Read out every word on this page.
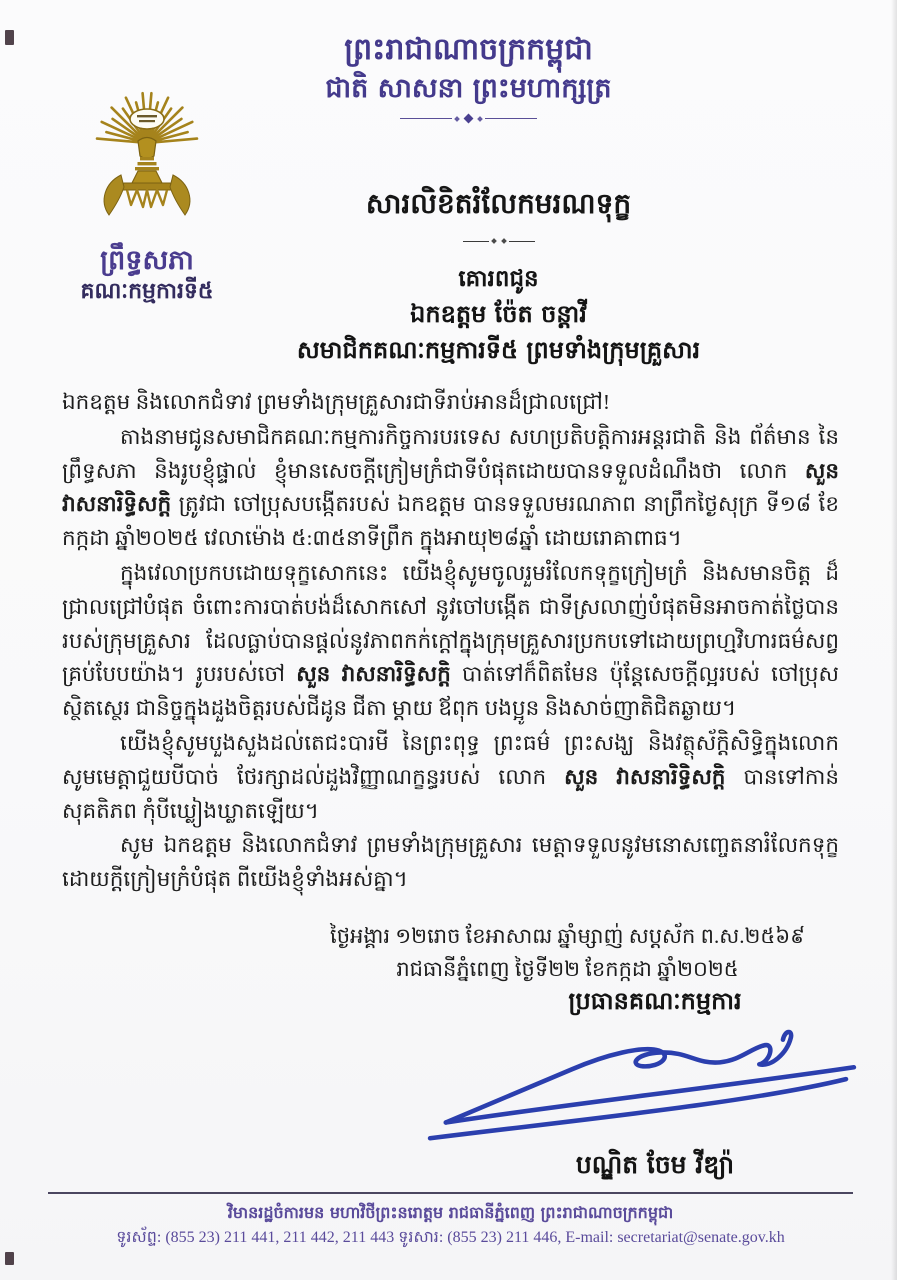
ព្រះរាជាណាចក្រកម្ពុជា
ជាតិ សាសនា ព្រះមហាក្សត្រ
ព្រឹទ្ធសភា
គណៈកម្មការទី៥
សារលិខិតរំលែកមរណទុក្ខ
គោរពជូន
ឯកឧត្តម ច៉ែត ចន្ដាវី
សមាជិកគណៈកម្មការទី៥ ព្រមទាំងក្រុមគ្រួសារ

ឯកឧត្តម និងលោកជំទាវ ព្រមទាំងក្រុមគ្រួសារជាទីរាប់អានដ៏ជ្រាលជ្រៅ!

តាងនាមជូនសមាជិកគណៈកម្មការកិច្ចការបរទេស សហប្រតិបត្តិការអន្តរជាតិ និង ព័ត៌មាន នៃព្រឹទ្ធសភា និងរូបខ្ញុំផ្ទាល់ ខ្ញុំមានសេចក្តីក្រៀមក្រំជាទីបំផុតដោយបានទទួលដំណឹងថា លោក សួន វាសនារិទ្ធិសក្តិ ត្រូវជា ចៅប្រុសបង្កើតរបស់ ឯកឧត្តម បានទទួលមរណភាព នាព្រឹកថ្ងៃសុក្រ ទី១៨ ខែកក្កដា ឆ្នាំ២០២៥ វេលាម៉ោង ៥:៣៥នាទីព្រឹក ក្នុងអាយុ២៨ឆ្នាំ ដោយរោគាពាធ។

ក្នុងវេលាប្រកបដោយទុក្ខសោកនេះ យើងខ្ញុំសូមចូលរួមរំលែកទុក្ខក្រៀមក្រំ និងសមានចិត្ត ដ៏ជ្រាលជ្រៅបំផុត ចំពោះការបាត់បង់ដ៏សោកសៅ នូវចៅបង្កើត ជាទីស្រលាញ់បំផុតមិនអាចកាត់ថ្លៃបាន របស់ក្រុមគ្រួសារ ដែលធ្លាប់បានផ្តល់នូវភាពកក់ក្តៅក្នុងក្រុមគ្រួសារប្រកបទៅដោយព្រហ្មវិហារធម៌សព្វ គ្រប់បែបយ៉ាង។ រូបរបស់ចៅ សួន វាសនារិទ្ធិសក្តិ បាត់ទៅក៏ពិតមែន ប៉ុន្តែសេចក្តីល្អរបស់ ចៅប្រុស ស្ថិតស្ថេរ ជានិច្ចក្នុងដួងចិត្តរបស់ជីដូន ជីតា ម្តាយ ឪពុក បងប្អូន និងសាច់ញាតិជិតឆ្ងាយ។

យើងខ្ញុំសូមបួងសួងដល់តេជះបារមី នៃព្រះពុទ្ធ ព្រះធម៌ ព្រះសង្ឃ និងវត្ថុស័ក្តិសិទ្ធិក្នុងលោក សូមមេត្តាជួយបីបាច់ ថែរក្សាដល់ដួងវិញ្ញាណក្ខន្ធរបស់ លោក សួន វាសនារិទ្ធិសក្តិ បានទៅកាន់សុគតិភព កុំបីឃ្លៀងឃ្លាតឡើយ។

សូម ឯកឧត្តម និងលោកជំទាវ ព្រមទាំងក្រុមគ្រួសារ មេត្តាទទួលនូវមនោសញ្ចេតនារំលែកទុក្ខ ដោយក្តីក្រៀមក្រំបំផុត ពីយើងខ្ញុំទាំងអស់គ្នា។

ថ្ងៃអង្គារ ១២រោច ខែអាសាឍ ឆ្នាំម្សាញ់ សប្តស័ក ព.ស.២៥៦៩
រាជធានីភ្នំពេញ ថ្ងៃទី២២ ខែកក្កដា ឆ្នាំ២០២៥
ប្រធានគណៈកម្មការ
បណ្ឌិត ចែម វីឌ្យ៉ា
វិមានរដ្ឋចំការមន មហាវិថីព្រះនរោត្តម រាជធានីភ្នំពេញ ព្រះរាជាណាចក្រកម្ពុជា
ទូរស័ព្ទ: (855 23) 211 441, 211 442, 211 443 ទូរសារ: (855 23) 211 446, E-mail: secretariat@senate.gov.kh
